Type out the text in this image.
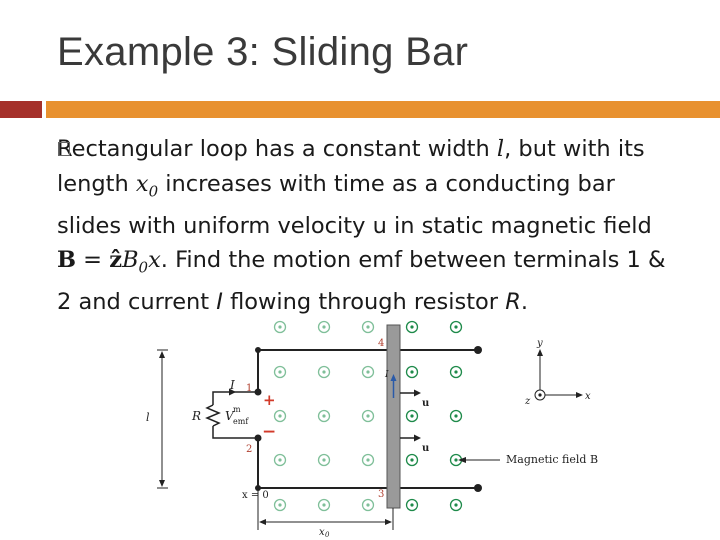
Example 3: Sliding Bar
Rectangular loop has a constant width l, but with its length $x_0$ increases with time as a conducting bar slides with uniform velocity u in static magnetic field B = ẑB$_0$x. Find the motion emf between terminals 1 & 2 and current I flowing through resistor R.
I
R V m
emf
+
−
1
2
4
3
l
x = 0
x 0
u
u
I
Magnetic field B
y
x
z
